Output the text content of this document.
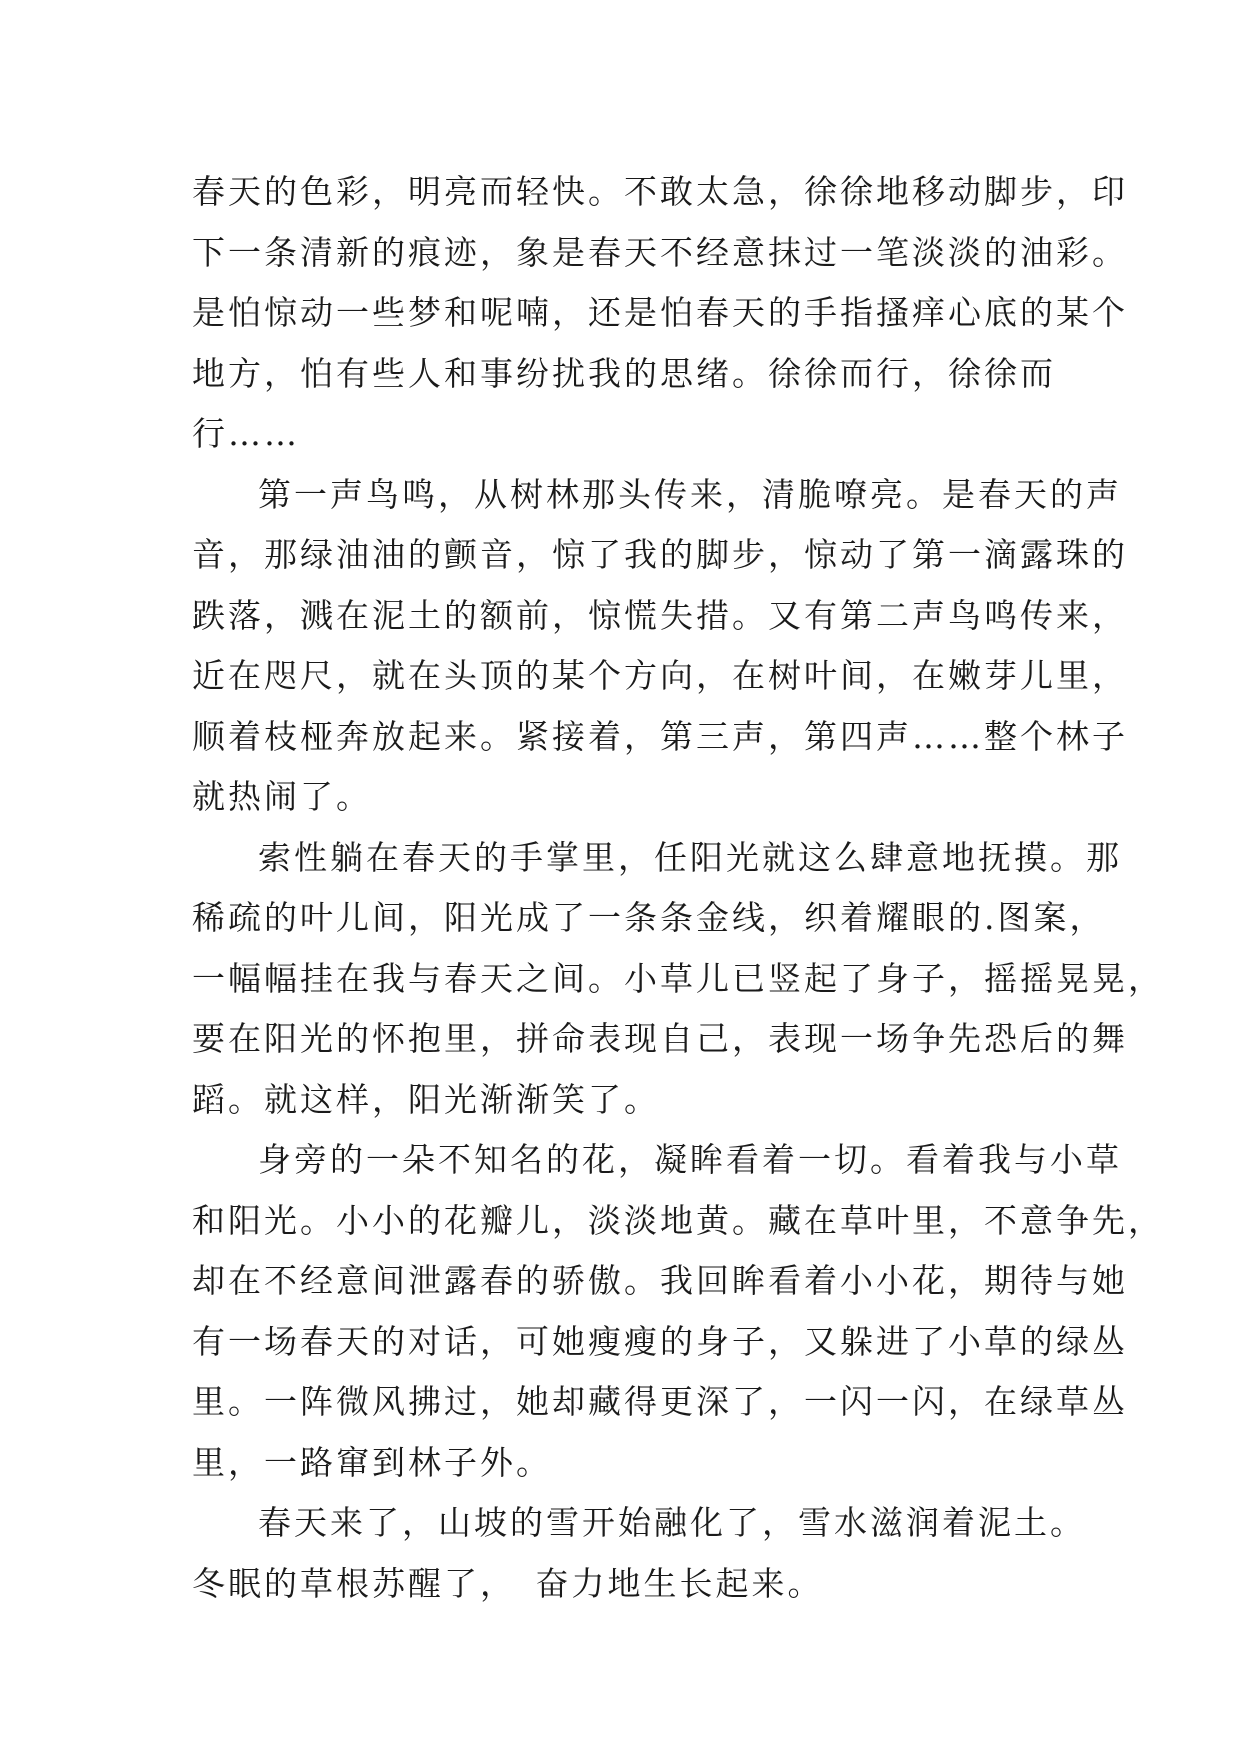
春天的色彩，明亮而轻快。不敢太急，徐徐地移动脚步，印
下一条清新的痕迹，象是春天不经意抹过一笔淡淡的油彩。
是怕惊动一些梦和呢喃，还是怕春天的手指搔痒心底的某个
地方，怕有些人和事纷扰我的思绪。徐徐而行，徐徐而
行……
第一声鸟鸣，从树林那头传来，清脆嘹亮。是春天的声
音，那绿油油的颤音，惊了我的脚步，惊动了第一滴露珠的
跌落，溅在泥土的额前，惊慌失措。又有第二声鸟鸣传来，
近在咫尺，就在头顶的某个方向，在树叶间，在嫩芽儿里，
顺着枝桠奔放起来。紧接着，第三声，第四声……整个林子
就热闹了。
索性躺在春天的手掌里，任阳光就这么肆意地抚摸。那
稀疏的叶儿间，阳光成了一条条金线，织着耀眼的.图案，
一幅幅挂在我与春天之间。小草儿已竖起了身子，摇摇晃晃，
要在阳光的怀抱里，拼命表现自己，表现一场争先恐后的舞
蹈。就这样，阳光渐渐笑了。
身旁的一朵不知名的花，凝眸看着一切。看着我与小草
和阳光。小小的花瓣儿，淡淡地黄。藏在草叶里，不意争先，
却在不经意间泄露春的骄傲。我回眸看着小小花，期待与她
有一场春天的对话，可她瘦瘦的身子，又躲进了小草的绿丛
里。一阵微风拂过，她却藏得更深了，一闪一闪，在绿草丛
里，一路窜到林子外。
春天来了，山坡的雪开始融化了，雪水滋润着泥土。
冬眠的草根苏醒了，　奋力地生长起来。
